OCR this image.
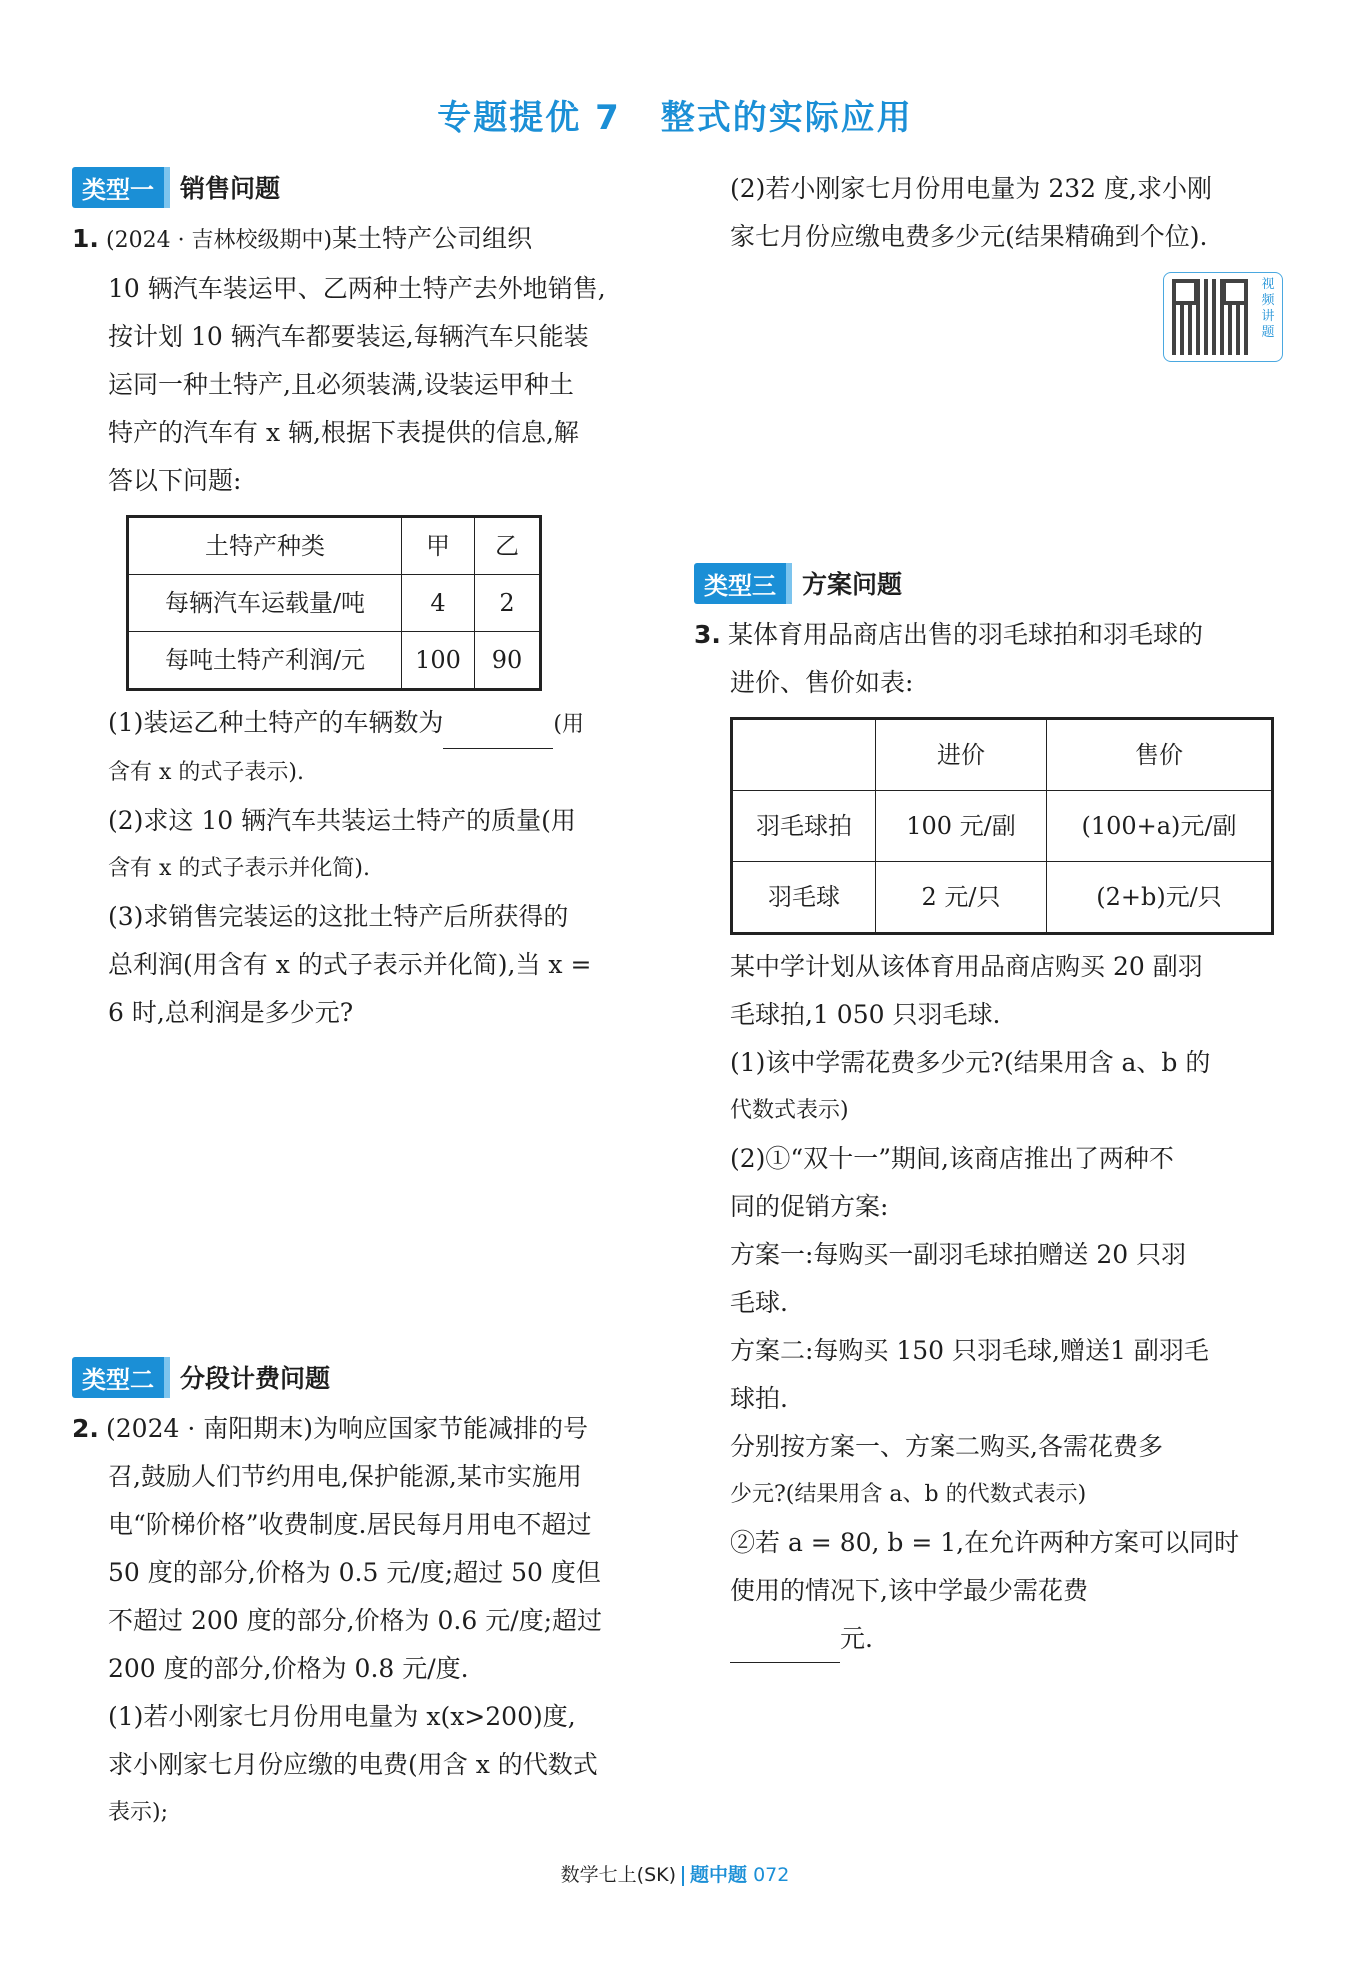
专题提优 7 整式的实际应用
类型一	销售问题
1. (2024 · 吉林校级期中)某土特产公司组织
10 辆汽车装运甲、乙两种土特产去外地销售,
按计划 10 辆汽车都要装运,每辆汽车只能装
运同一种土特产,且必须装满,设装运甲种土
特产的汽车有 x 辆,根据下表提供的信息,解
答以下问题:
土特产种类	甲	乙
每辆汽车运载量/吨	4	2
每吨土特产利润/元	100	90
(1)装运乙种土特产的车辆数为	(用
含有 x 的式子表示).
(2)求这 10 辆汽车共装运土特产的质量(用
含有 x 的式子表示并化简).
(3)求销售完装运的这批土特产后所获得的
总利润(用含有 x 的式子表示并化简),当 x =
6 时,总利润是多少元?
类型二	分段计费问题
2. (2024 · 南阳期末)为响应国家节能减排的号
召,鼓励人们节约用电,保护能源,某市实施用
电“阶梯价格”收费制度.居民每月用电不超过
50 度的部分,价格为 0.5 元/度;超过 50 度但
不超过 200 度的部分,价格为 0.6 元/度;超过
200 度的部分,价格为 0.8 元/度.
(1)若小刚家七月份用电量为 x(x>200)度,
求小刚家七月份应缴的电费(用含 x 的代数式
表示);
(2)若小刚家七月份用电量为 232 度,求小刚
家七月份应缴电费多少元(结果精确到个位).
类型三	方案问题
3. 某体育用品商店出售的羽毛球拍和羽毛球的
进价、售价如表:
	进价	售价
羽毛球拍	100 元/副	(100+a)元/副
羽毛球	2 元/只	(2+b)元/只
某中学计划从该体育用品商店购买 20 副羽
毛球拍,1 050 只羽毛球.
(1)该中学需花费多少元?(结果用含 a、b 的
代数式表示)
(2)①“双十一”期间,该商店推出了两种不
同的促销方案:
方案一:每购买一副羽毛球拍赠送 20 只羽
毛球.
方案二:每购买 150 只羽毛球,赠送1 副羽毛
球拍.
分别按方案一、方案二购买,各需花费多
少元?(结果用含 a、b 的代数式表示)
②若 a = 80, b = 1,在允许两种方案可以同时
使用的情况下,该中学最少需花费
元.
视频讲题
数学七上(SK) 题中题 072
